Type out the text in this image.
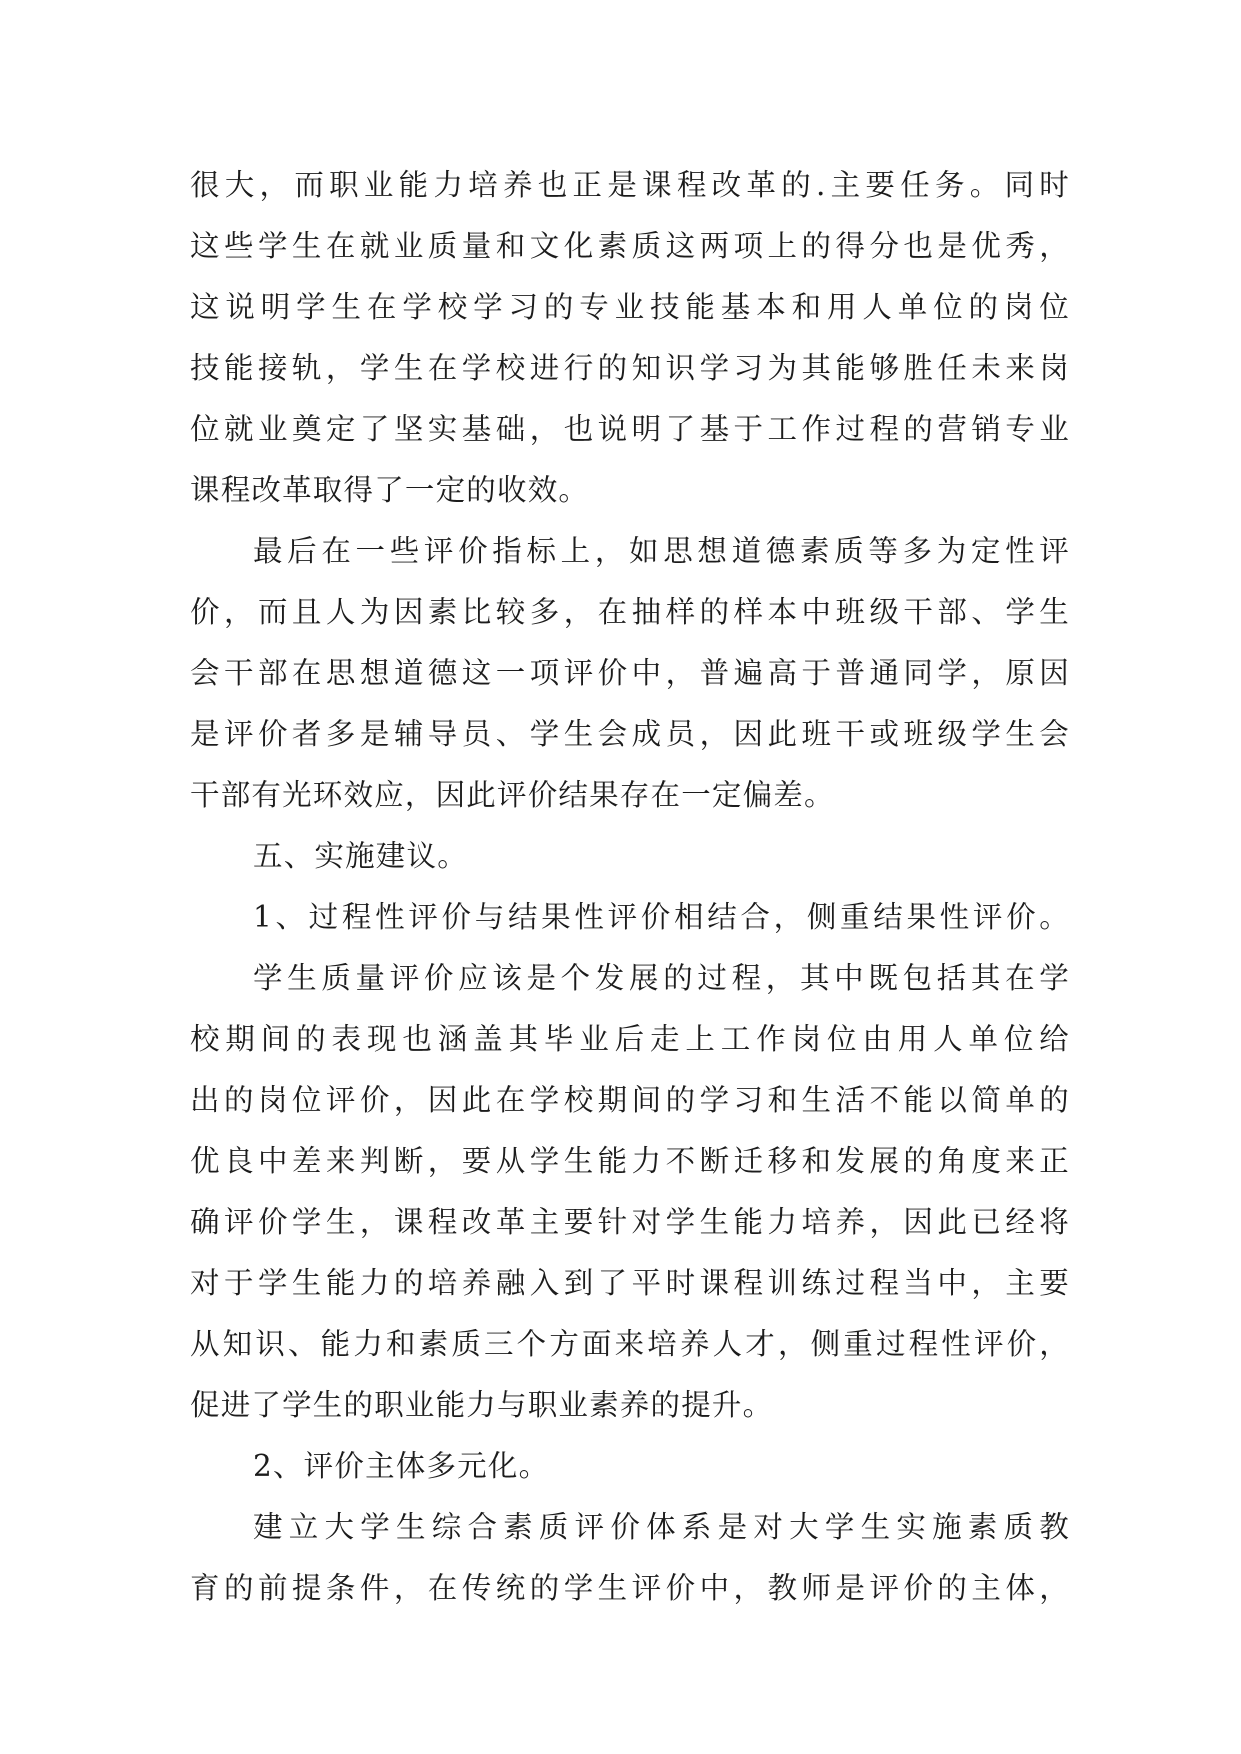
很大，而职业能力培养也正是课程改革的.主要任务。同时

这些学生在就业质量和文化素质这两项上的得分也是优秀，

这说明学生在学校学习的专业技能基本和用人单位的岗位

技能接轨，学生在学校进行的知识学习为其能够胜任未来岗

位就业奠定了坚实基础，也说明了基于工作过程的营销专业

课程改革取得了一定的收效。

最后在一些评价指标上，如思想道德素质等多为定性评

价，而且人为因素比较多，在抽样的样本中班级干部、学生

会干部在思想道德这一项评价中，普遍高于普通同学，原因

是评价者多是辅导员、学生会成员，因此班干或班级学生会

干部有光环效应，因此评价结果存在一定偏差。

五、实施建议。

1、过程性评价与结果性评价相结合，侧重结果性评价。

学生质量评价应该是个发展的过程，其中既包括其在学

校期间的表现也涵盖其毕业后走上工作岗位由用人单位给

出的岗位评价，因此在学校期间的学习和生活不能以简单的

优良中差来判断，要从学生能力不断迁移和发展的角度来正

确评价学生，课程改革主要针对学生能力培养，因此已经将

对于学生能力的培养融入到了平时课程训练过程当中，主要

从知识、能力和素质三个方面来培养人才，侧重过程性评价，

促进了学生的职业能力与职业素养的提升。

2、评价主体多元化。

建立大学生综合素质评价体系是对大学生实施素质教

育的前提条件，在传统的学生评价中，教师是评价的主体，
